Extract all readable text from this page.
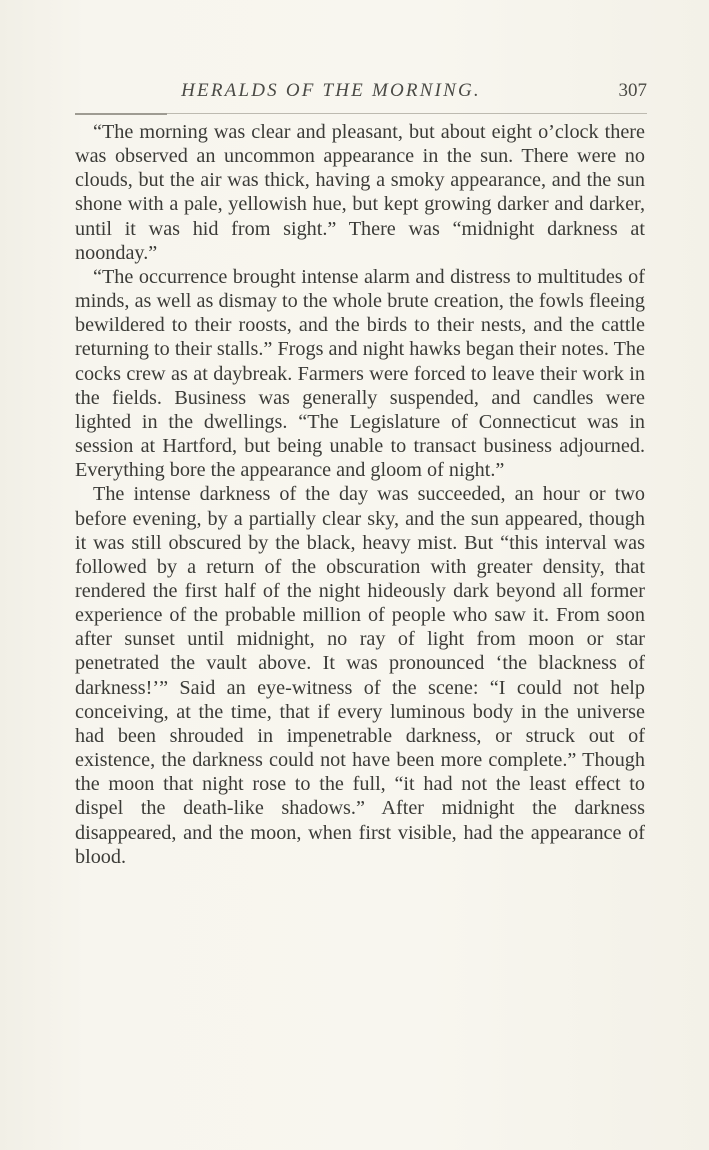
HERALDS OF THE MORNING.	307

“The morning was clear and pleasant, but about eight o’clock there was observed an uncommon appearance in the sun. There were no clouds, but the air was thick, having a smoky appearance, and the sun shone with a pale, yellowish hue, but kept growing darker and darker, until it was hid from sight.” There was “midnight darkness at noonday.”

“The occurrence brought intense alarm and distress to multitudes of minds, as well as dismay to the whole brute creation, the fowls fleeing bewildered to their roosts, and the birds to their nests, and the cattle returning to their stalls.” Frogs and night hawks began their notes. The cocks crew as at daybreak. Farmers were forced to leave their work in the fields. Business was generally suspended, and candles were lighted in the dwellings. “The Legislature of Connecticut was in session at Hartford, but being unable to transact business adjourned. Everything bore the appearance and gloom of night.”

The intense darkness of the day was succeeded, an hour or two before evening, by a partially clear sky, and the sun appeared, though it was still obscured by the black, heavy mist. But “this interval was followed by a return of the obscuration with greater density, that rendered the first half of the night hideously dark beyond all former experience of the probable million of people who saw it. From soon after sunset until midnight, no ray of light from moon or star penetrated the vault above. It was pronounced ‘the blackness of darkness!’” Said an eye-witness of the scene: “I could not help conceiving, at the time, that if every luminous body in the universe had been shrouded in impenetrable darkness, or struck out of existence, the darkness could not have been more complete.” Though the moon that night rose to the full, “it had not the least effect to dispel the death-like shadows.” After midnight the darkness disappeared, and the moon, when first visible, had the appearance of blood.
